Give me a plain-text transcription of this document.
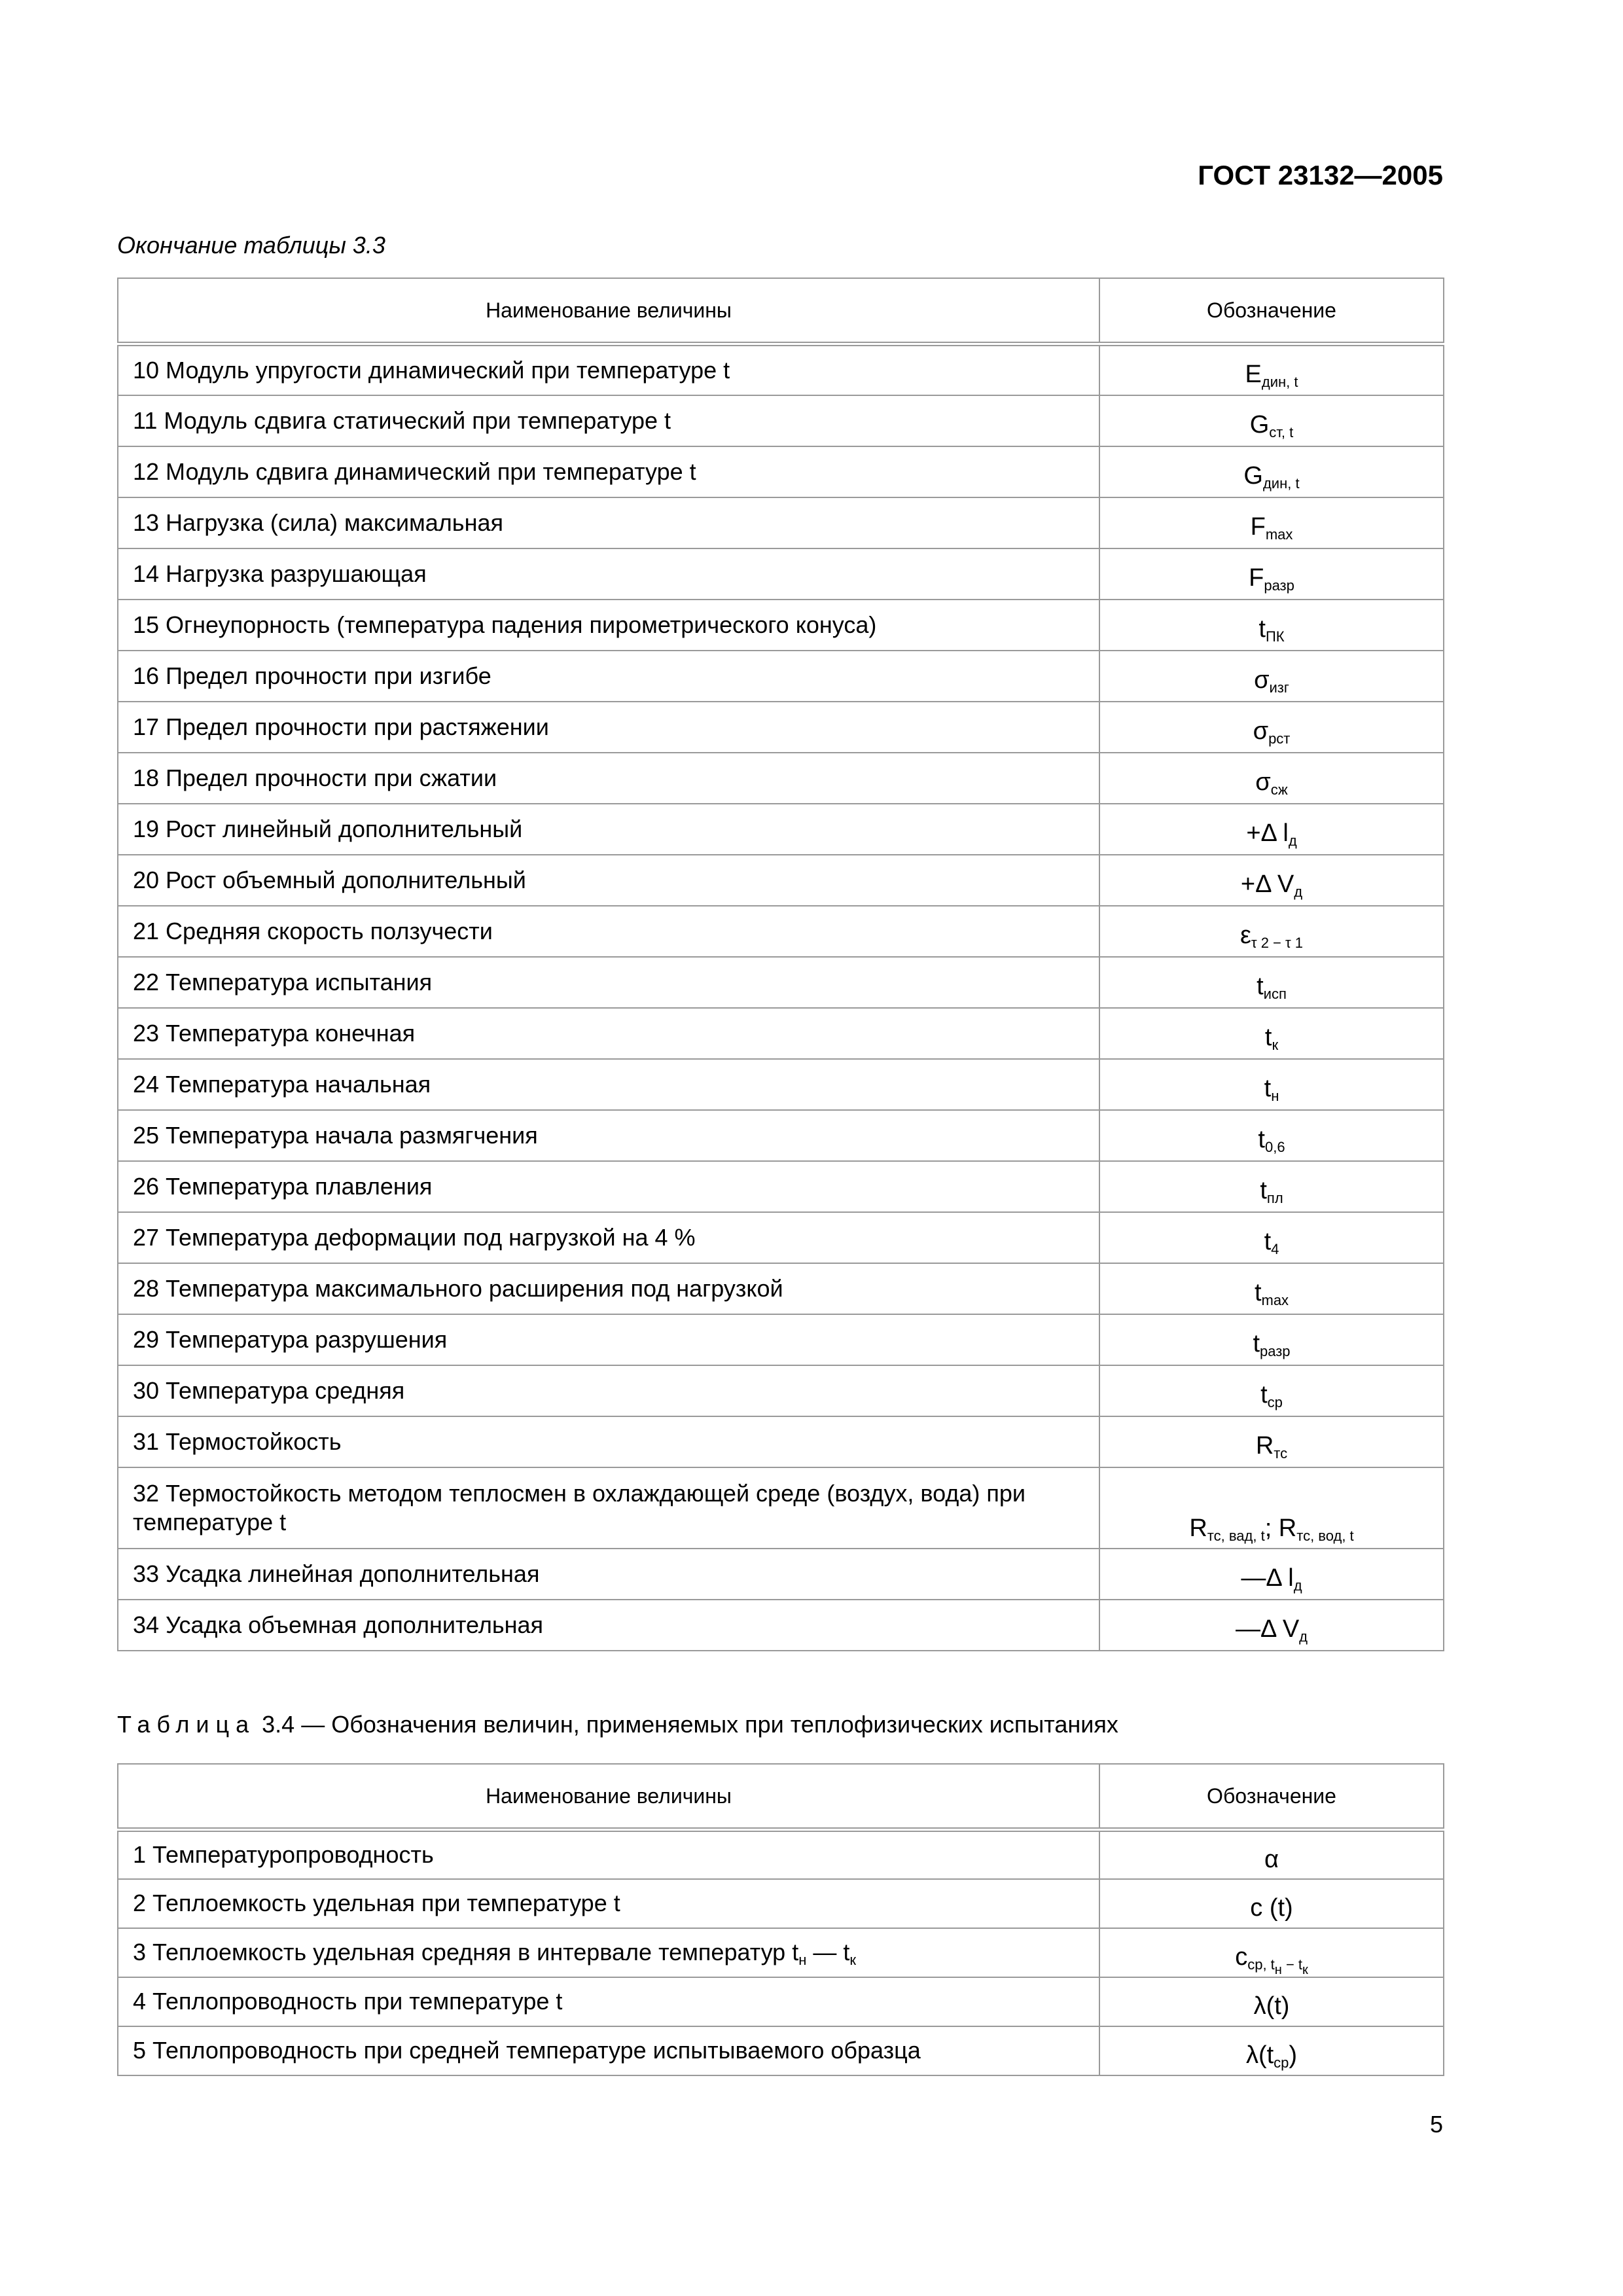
ГОСТ 23132—2005
Окончание таблицы 3.3
Наименование величины	Обозначение
10 Модуль упругости динамический при температуре t	$E_{дин, t}$
11 Модуль сдвига статический при температуре t	$G_{ст, t}$
12 Модуль сдвига динамический при температуре t	$G_{дин, t}$
13 Нагрузка (сила) максимальная	$F_{max}$
14 Нагрузка разрушающая	$F_{разр}$
15 Огнеупорность (температура падения пирометрического конуса)	$t_{ПК}$
16 Предел прочности при изгибе	$\sigma_{изг}$
17 Предел прочности при растяжении	$\sigma_{рст}$
18 Предел прочности при сжатии	$\sigma_{сж}$
19 Рост линейный дополнительный	+Δ $l_д$
20 Рост объемный дополнительный	+Δ $V_д$
21 Средняя скорость ползучести	$\varepsilon_{\tau 2 - \tau 1}$
22 Температура испытания	$t_{исп}$
23 Температура конечная	$t_к$
24 Температура начальная	$t_н$
25 Температура начала размягчения	$t_{0,6}$
26 Температура плавления	$t_{пл}$
27 Температура деформации под нагрузкой на 4 %	$t_4$
28 Температура максимального расширения под нагрузкой	$t_{max}$
29 Температура разрушения	$t_{разр}$
30 Температура средняя	$t_{ср}$
31 Термостойкость	$R_{тс}$
32 Термостойкость методом теплосмен в охлаждающей среде (воздух, вода) при температуре t	$R_{тс, вад, t}$; $R_{тс, вод, t}$
33 Усадка линейная дополнительная	—Δ $l_д$
34 Усадка объемная дополнительная	—Δ $V_д$
Таблица 3.4 — Обозначения величин, применяемых при теплофизических испытаниях
Наименование величины	Обозначение
1 Температуропроводность	α
2 Теплоемкость удельная при температуре t	c (t)
3 Теплоемкость удельная средняя в интервале температур $t_н$ — $t_к$	$c_{ср, t_н - t_к}$
4 Теплопроводность при температуре t	λ(t)
5 Теплопроводность при средней температуре испытываемого образца	$\lambda(t_{ср})$
5
